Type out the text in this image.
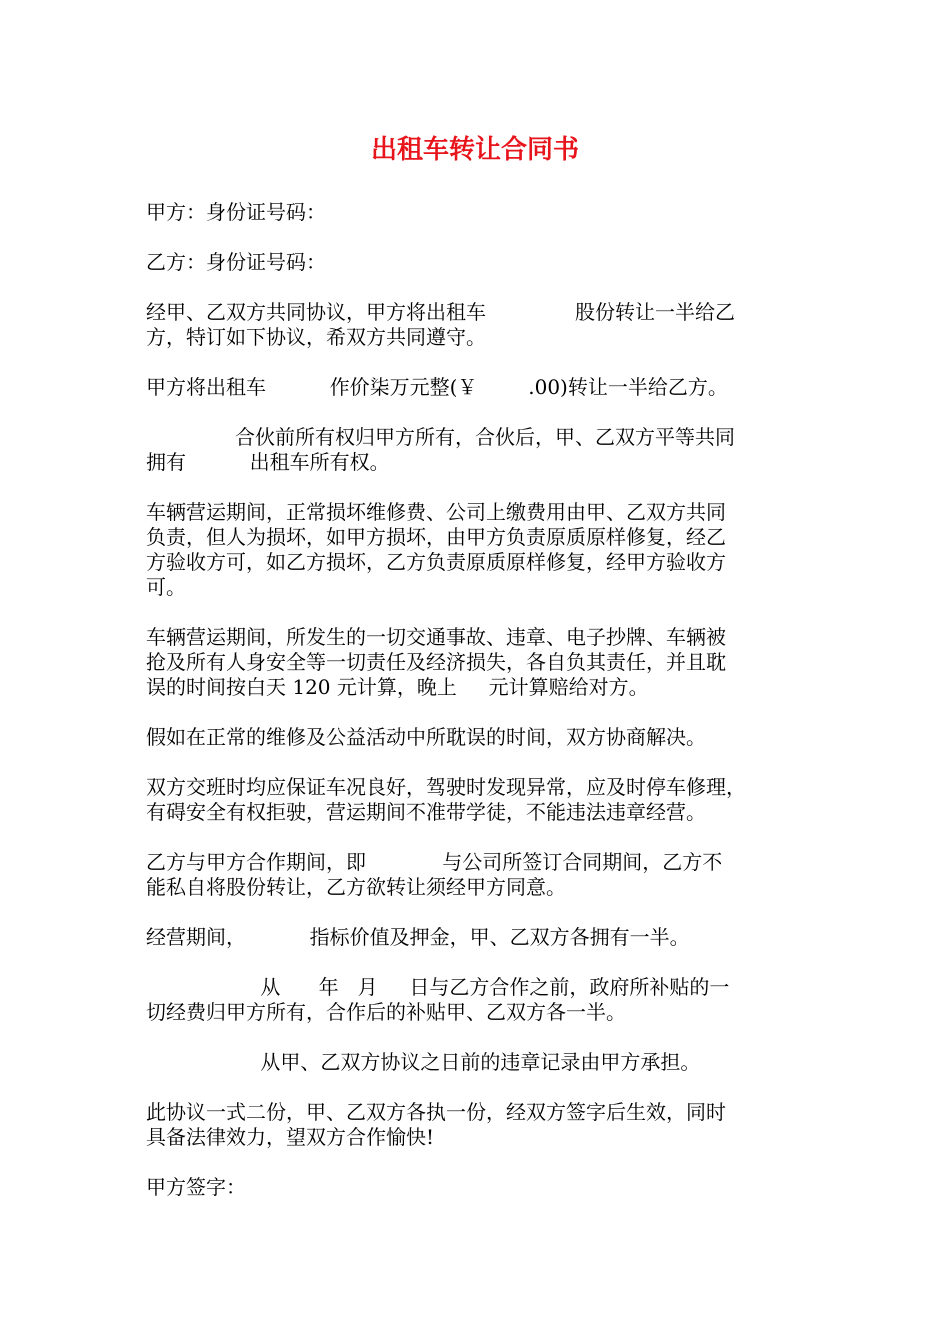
出租车转让合同书
甲方：身份证号码：
乙方：身份证号码：
经甲、乙双方共同协议，甲方将出租车              股份转让一半给乙
方，特订如下协议，希双方共同遵守。
甲方将出租车          作价柒万元整(￥        .00)转让一半给乙方。
合伙前所有权归甲方所有，合伙后，甲、乙双方平等共同
拥有          出租车所有权。
车辆营运期间，正常损坏维修费、公司上缴费用由甲、乙双方共同
负责，但人为损坏，如甲方损坏，由甲方负责原质原样修复，经乙
方验收方可，如乙方损坏，乙方负责原质原样修复，经甲方验收方
可。
车辆营运期间，所发生的一切交通事故、违章、电子抄牌、车辆被
抢及所有人身安全等一切责任及经济损失，各自负其责任，并且耽
误的时间按白天 120 元计算，晚上     元计算赔给对方。
假如在正常的维修及公益活动中所耽误的时间，双方协商解决。
双方交班时均应保证车况良好，驾驶时发现异常，应及时停车修理，
有碍安全有权拒驶，营运期间不准带学徒，不能违法违章经营。
乙方与甲方合作期间，即            与公司所签订合同期间，乙方不
能私自将股份转让，乙方欲转让须经甲方同意。
经营期间，          指标价值及押金，甲、乙双方各拥有一半。
从      年   月     日与乙方合作之前，政府所补贴的一
切经费归甲方所有，合作后的补贴甲、乙双方各一半。
从甲、乙双方协议之日前的违章记录由甲方承担。
此协议一式二份，甲、乙双方各执一份，经双方签字后生效，同时
具备法律效力，望双方合作愉快!
甲方签字：
